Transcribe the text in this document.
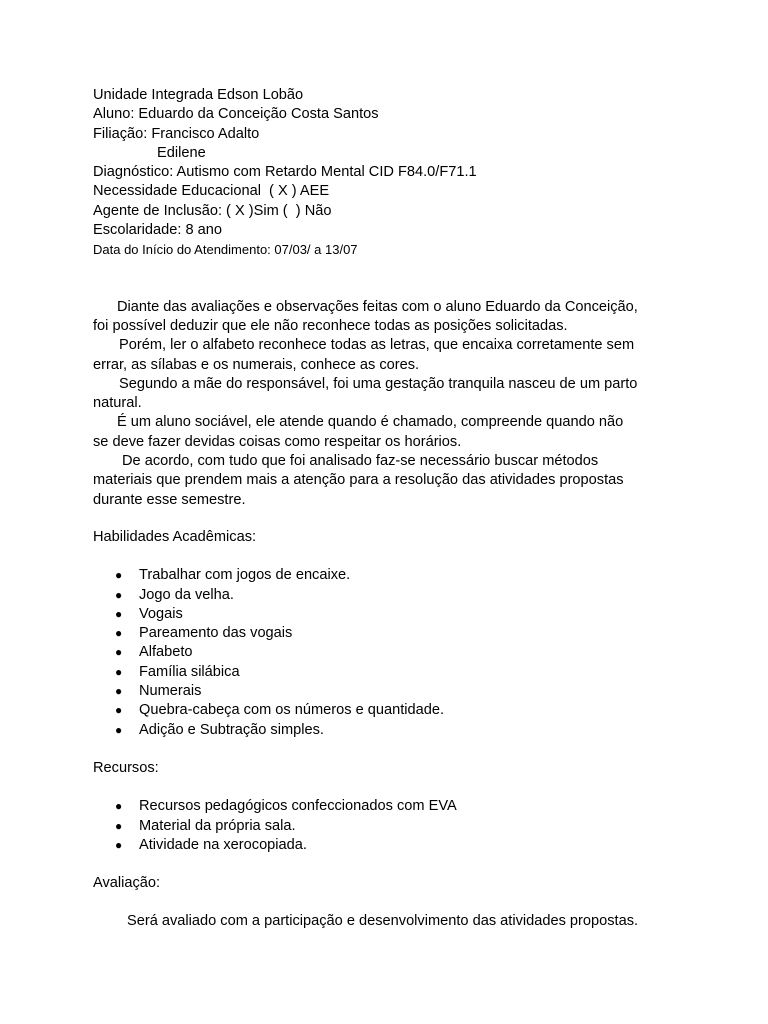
Unidade Integrada Edson Lobão
Aluno: Eduardo da Conceição Costa Santos
Filiação: Francisco Adalto
Edilene
Diagnóstico: Autismo com Retardo Mental CID F84.0/F71.1
Necessidade Educacional  ( X ) AEE
Agente de Inclusão: ( X )Sim (  ) Não
Escolaridade: 8 ano
Data do Início do Atendimento: 07/03/ a 13/07
Diante das avaliações e observações feitas com o aluno Eduardo da Conceição,
foi possível deduzir que ele não reconhece todas as posições solicitadas.
Porém, ler o alfabeto reconhece todas as letras, que encaixa corretamente sem
errar, as sílabas e os numerais, conhece as cores.
Segundo a mãe do responsável, foi uma gestação tranquila nasceu de um parto
natural.
É um aluno sociável, ele atende quando é chamado, compreende quando não
se deve fazer devidas coisas como respeitar os horários.
De acordo, com tudo que foi analisado faz-se necessário buscar métodos
materiais que prendem mais a atenção para a resolução das atividades propostas
durante esse semestre.
Habilidades Acadêmicas:
● Trabalhar com jogos de encaixe.
● Jogo da velha.
● Vogais
● Pareamento das vogais
● Alfabeto
● Família silábica
● Numerais
● Quebra-cabeça com os números e quantidade.
● Adição e Subtração simples.
Recursos:
● Recursos pedagógicos confeccionados com EVA
● Material da própria sala.
● Atividade na xerocopiada.
Avaliação:
Será avaliado com a participação e desenvolvimento das atividades propostas.
